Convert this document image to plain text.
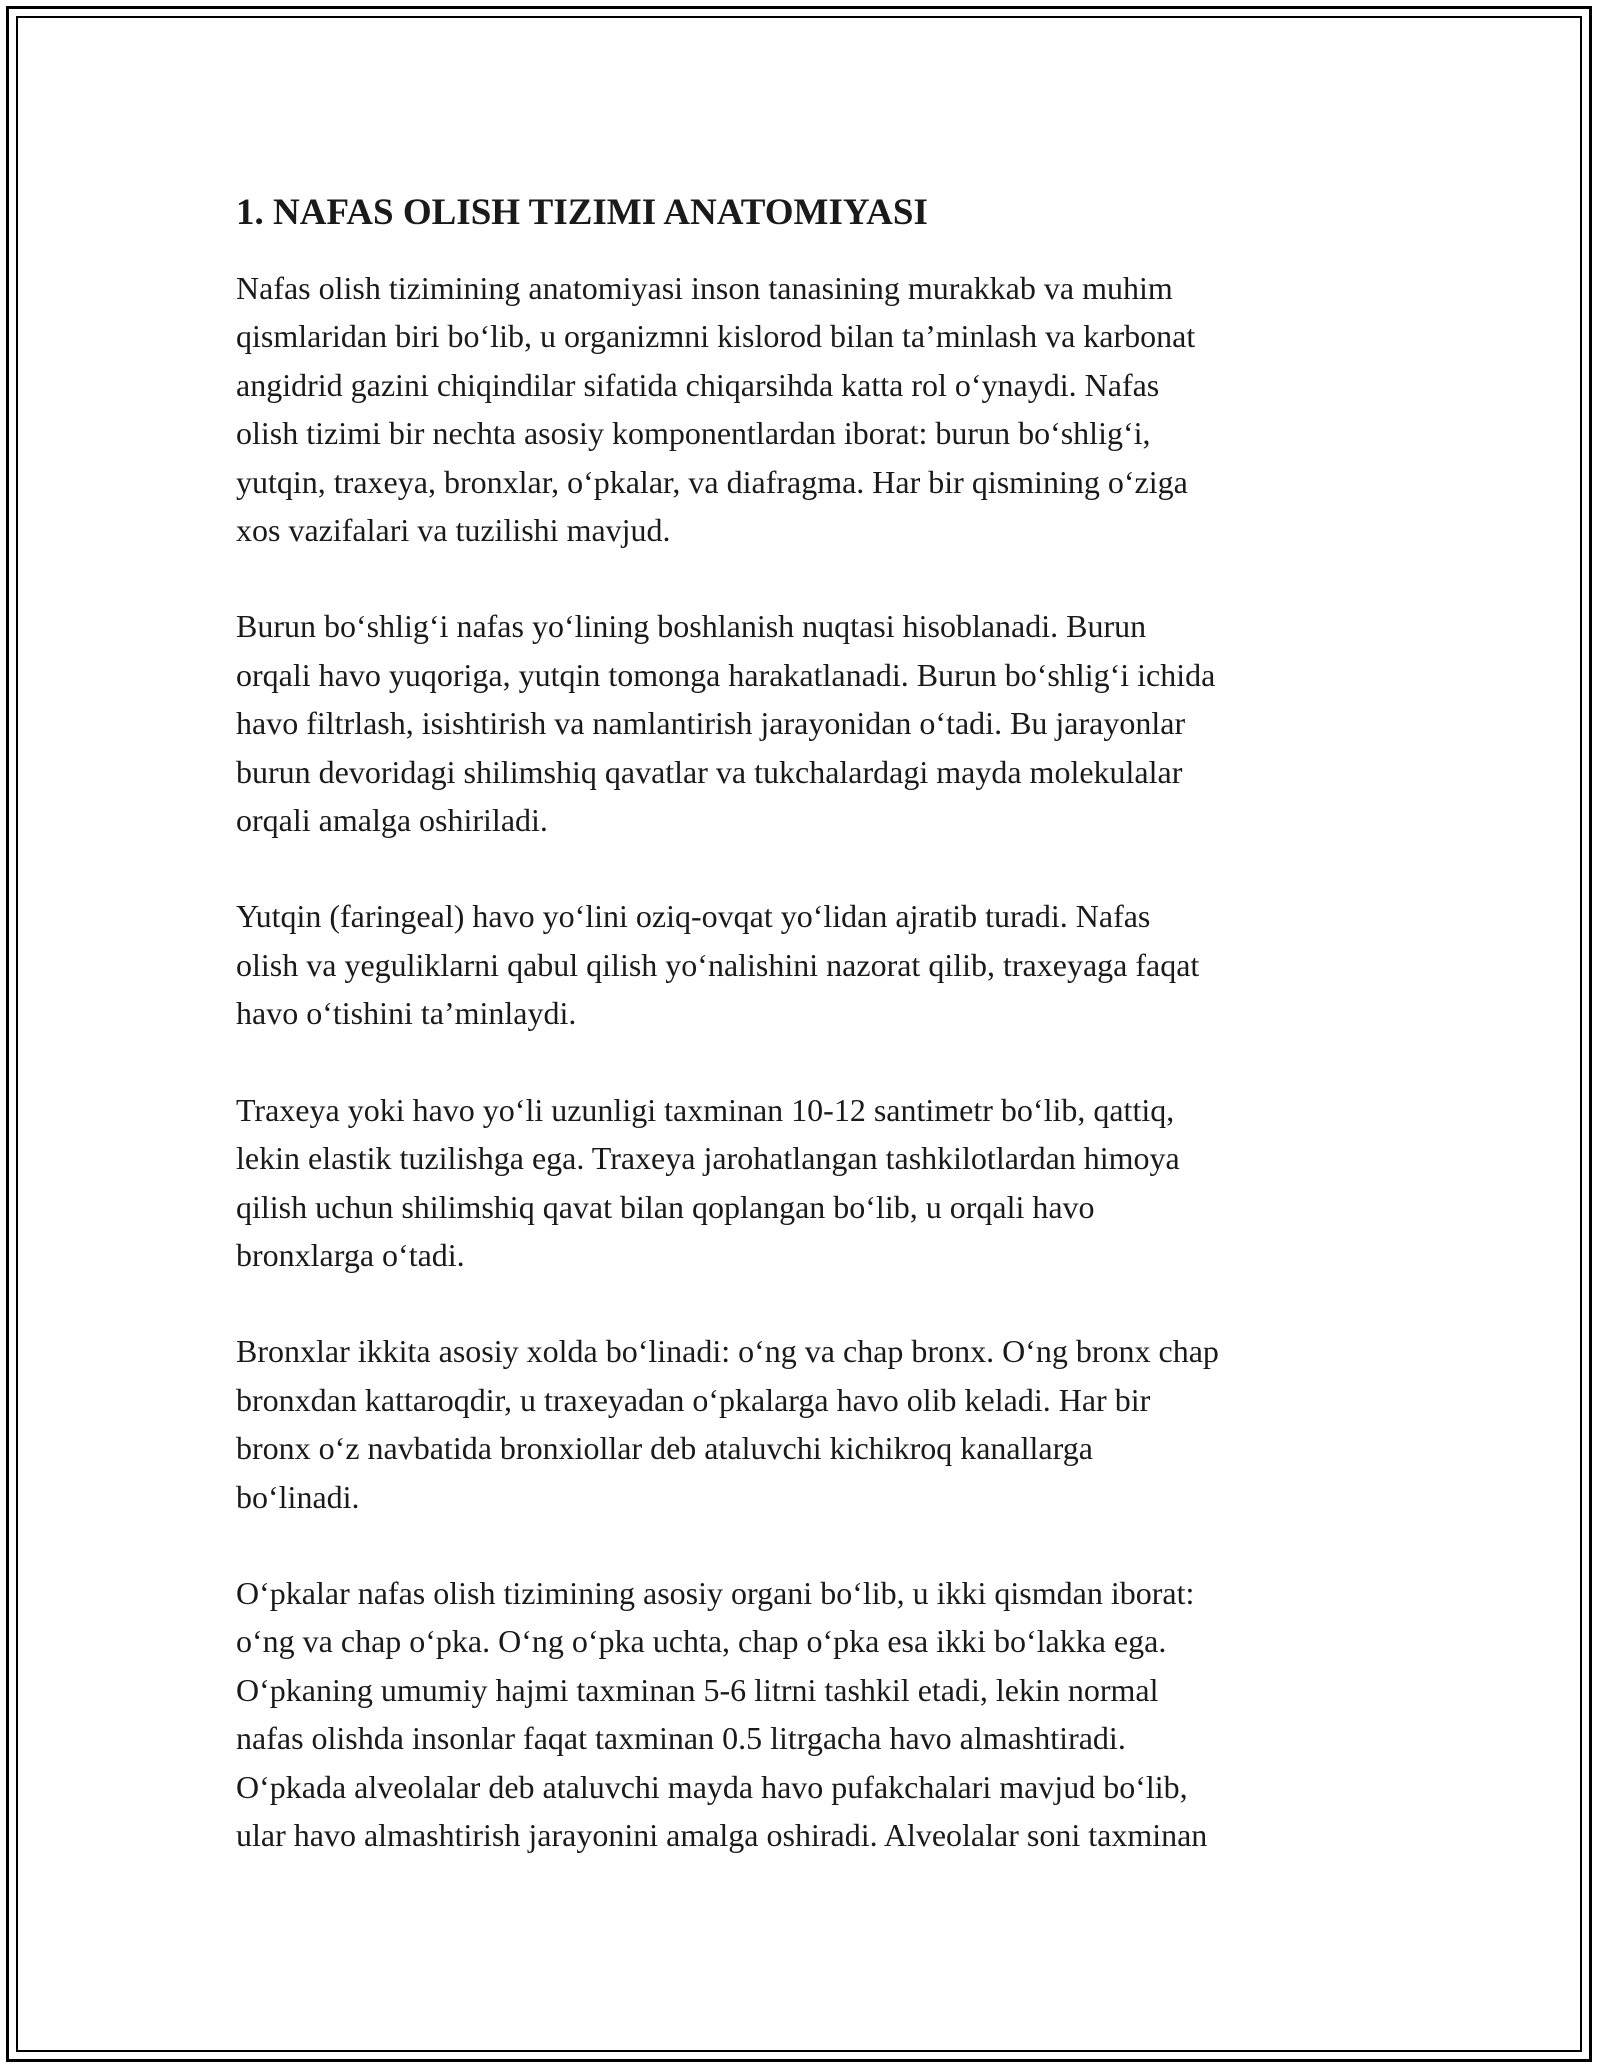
1. NAFAS OLISH TIZIMI ANATOMIYASI

Nafas olish tizimining anatomiyasi inson tanasining murakkab va muhim
qismlaridan biri bo‘lib, u organizmni kislorod bilan ta’minlash va karbonat
angidrid gazini chiqindilar sifatida chiqarsihda katta rol o‘ynaydi. Nafas
olish tizimi bir nechta asosiy komponentlardan iborat: burun bo‘shlig‘i,
yutqin, traxeya, bronxlar, o‘pkalar, va diafragma. Har bir qismining o‘ziga
xos vazifalari va tuzilishi mavjud.

Burun bo‘shlig‘i nafas yo‘lining boshlanish nuqtasi hisoblanadi. Burun
orqali havo yuqoriga, yutqin tomonga harakatlanadi. Burun bo‘shlig‘i ichida
havo filtrlash, isishtirish va namlantirish jarayonidan o‘tadi. Bu jarayonlar
burun devoridagi shilimshiq qavatlar va tukchalardagi mayda molekulalar
orqali amalga oshiriladi.

Yutqin (faringeal) havo yo‘lini oziq-ovqat yo‘lidan ajratib turadi. Nafas
olish va yeguliklarni qabul qilish yo‘nalishini nazorat qilib, traxeyaga faqat
havo o‘tishini ta’minlaydi.

Traxeya yoki havo yo‘li uzunligi taxminan 10-12 santimetr bo‘lib, qattiq,
lekin elastik tuzilishga ega. Traxeya jarohatlangan tashkilotlardan himoya
qilish uchun shilimshiq qavat bilan qoplangan bo‘lib, u orqali havo
bronxlarga o‘tadi.

Bronxlar ikkita asosiy xolda bo‘linadi: o‘ng va chap bronx. O‘ng bronx chap
bronxdan kattaroqdir, u traxeyadan o‘pkalarga havo olib keladi. Har bir
bronx o‘z navbatida bronxiollar deb ataluvchi kichikroq kanallarga
bo‘linadi.

O‘pkalar nafas olish tizimining asosiy organi bo‘lib, u ikki qismdan iborat:
o‘ng va chap o‘pka. O‘ng o‘pka uchta, chap o‘pka esa ikki bo‘lakka ega.
O‘pkaning umumiy hajmi taxminan 5-6 litrni tashkil etadi, lekin normal
nafas olishda insonlar faqat taxminan 0.5 litrgacha havo almashtiradi.
O‘pkada alveolalar deb ataluvchi mayda havo pufakchalari mavjud bo‘lib,
ular havo almashtirish jarayonini amalga oshiradi. Alveolalar soni taxminan
